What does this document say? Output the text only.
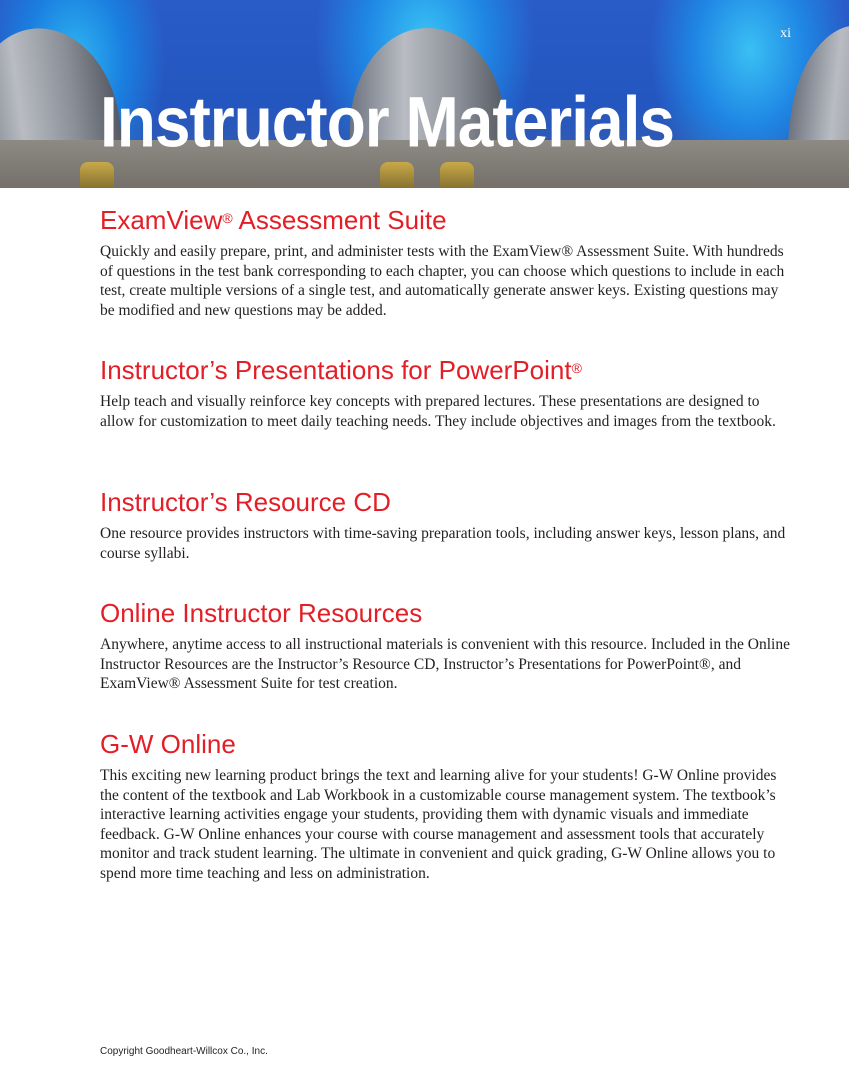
xi
Instructor Materials
ExamView® Assessment Suite

Quickly and easily prepare, print, and administer tests with the ExamView® Assessment Suite. With hundreds of questions in the test bank corresponding to each chapter, you can choose which questions to include in each test, create multiple versions of a single test, and automatically generate answer keys. Existing questions may be modified and new questions may be added.

Instructor’s Presentations for PowerPoint®

Help teach and visually reinforce key concepts with prepared lectures. These presentations are designed to allow for customization to meet daily teaching needs. They include objectives and images from the textbook.

Instructor’s Resource CD

One resource provides instructors with time-saving preparation tools, including answer keys, lesson plans, and course syllabi.

Online Instructor Resources

Anywhere, anytime access to all instructional materials is convenient with this resource. Included in the Online Instructor Resources are the Instructor’s Resource CD, Instructor’s Presentations for PowerPoint®, and ExamView® Assessment Suite for test creation.

G-W Online

This exciting new learning product brings the text and learning alive for your students! G-W Online provides the content of the textbook and Lab Workbook in a customizable course management system. The textbook’s interactive learning activities engage your students, providing them with dynamic visuals and immediate feedback. G-W Online enhances your course with course management and assessment tools that accurately monitor and track student learning. The ultimate in convenient and quick grading, G-W Online allows you to spend more time teaching and less on administration.

Copyright Goodheart-Willcox Co., Inc.
